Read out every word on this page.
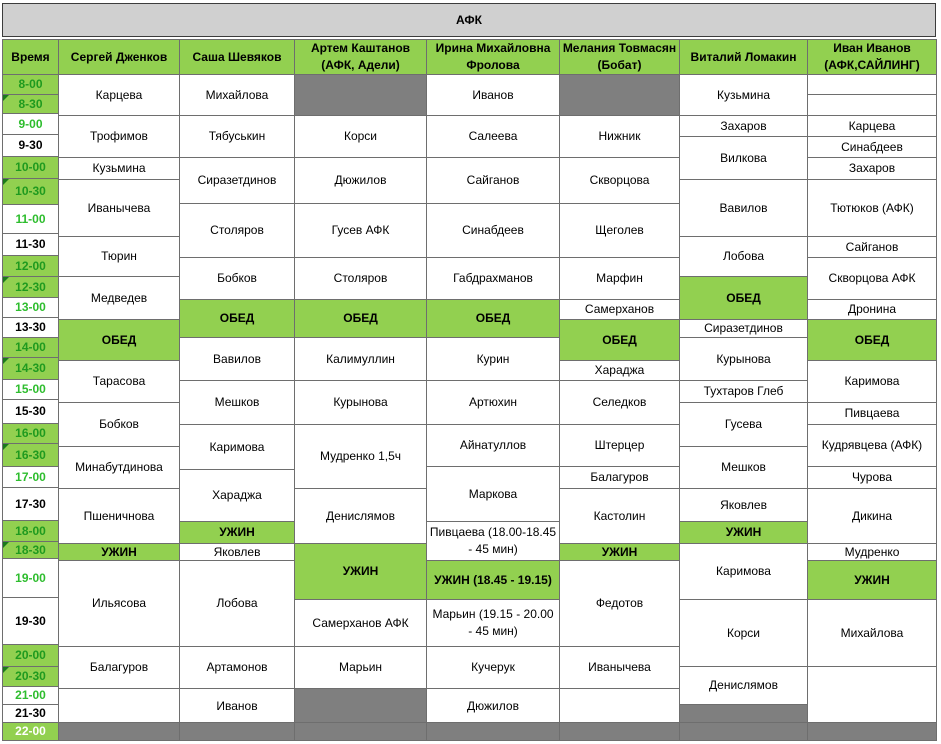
АФК
Время	Сергей Дженков	Саша Шевяков
Артем Каштанов (АФК, Адели)
Ирина Михайловна Фролова
Мелания Товмасян (Бобат)
Виталий Ломакин
Иван Иванов (АФК,САЙЛИНГ)
8-00
8-30
9-00
9-30
10-00
10-30
11-00
11-30
12-00
12-30
13-00
13-30
14-00
14-30
15-00
15-30
16-00
16-30
17-00
17-30
18-00
18-30
19-00
19-30
20-00
20-30
21-00
21-30
22-00
Карцева
Трофимов
Кузьмина
Иванычева
Тюрин
Медведев
ОБЕД
Тарасова
Бобков
Минабутдинова
Пшеничнова
УЖИН
Ильясова
Балагуров
Михайлова
Тябуськин
Сиразетдинов
Столяров
Бобков
ОБЕД
Вавилов
Мешков
Каримова
Хараджа
УЖИН
Яковлев
Лобова
Артамонов
Иванов
Корси
Дюжилов
Гусев АФК
Столяров
ОБЕД
Калимуллин
Курынова
Мудренко 1,5ч
Денислямов
УЖИН
Самерханов АФК
Марьин
Иванов
Салеева
Сайганов
Синабдеев
Габдрахманов
ОБЕД
Курин
Артюхин
Айнатуллов
Маркова
Пивцаева (18.00-18.45 - 45 мин)
УЖИН (18.45 - 19.15)
Марьин (19.15 - 20.00 - 45 мин)
Кучерук
Дюжилов
Нижник
Скворцова
Щеголев
Марфин
Самерханов
ОБЕД
Хараджа
Селедков
Штерцер
Балагуров
Кастолин
УЖИН
Федотов
Иванычева
Кузьмина
Захаров
Вилкова
Вавилов
Лобова
ОБЕД
Сиразетдинов
Курынова
Тухтаров Глеб
Гусева
Мешков
Яковлев
УЖИН
Каримова
Корси
Денислямов
Карцева
Синабдеев
Захаров
Тютюков (АФК)
Сайганов
Скворцова АФК
Дронина
ОБЕД
Каримова
Пивцаева
Кудрявцева (АФК)
Чурова
Дикина
Мудренко
УЖИН
Михайлова
